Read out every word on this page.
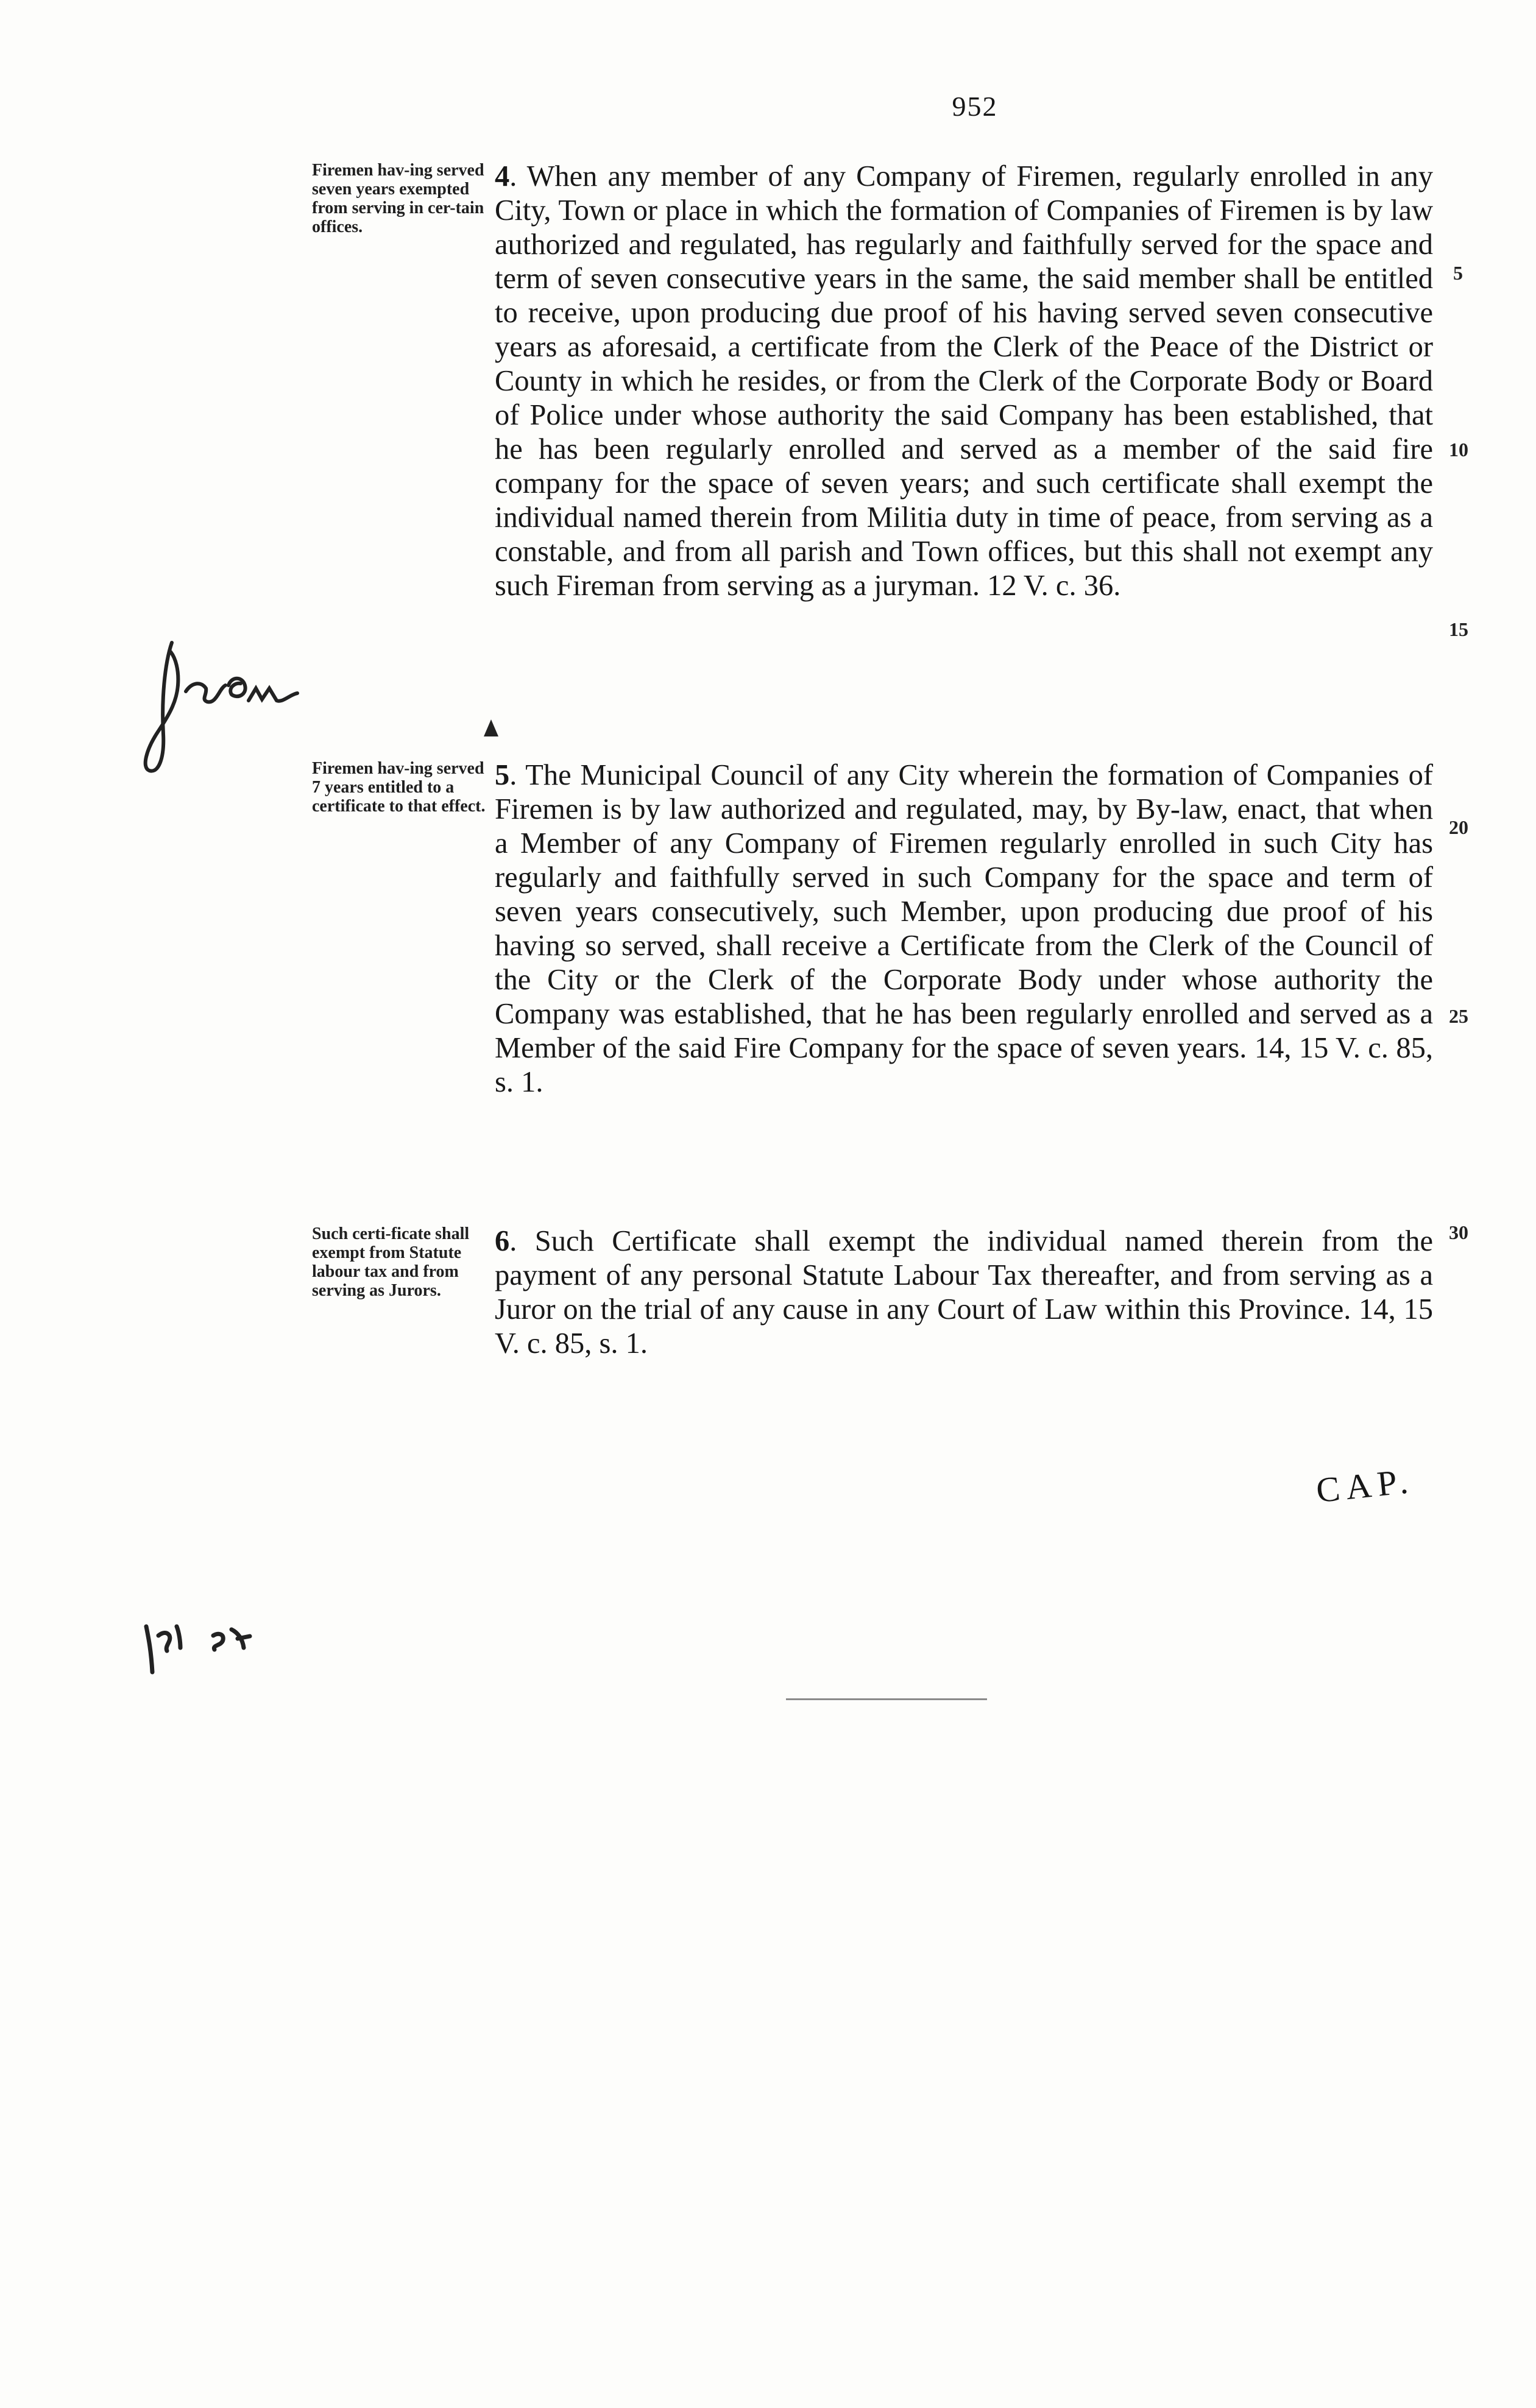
952
Firemen hav-ing served seven years exempted from serving in cer-tain offices.
4. When any member of any Company of Firemen, regularly enrolled in any City, Town or place in which the formation of Companies of Firemen is by law authorized and regulated, has regularly and faithfully served for the space and term of seven consecutive years in the same, the said member shall be entitled to receive, upon producing due proof of his having served seven consecutive years as aforesaid, a certificate from the Clerk of the Peace of the District or County in which he resides, or from the Clerk of the Corporate Body or Board of Police under whose authority the said Company has been established, that he has been regularly enrolled and served as a member of the said fire company for the space of seven years; and such certificate shall exempt the individual named therein from Militia duty in time of peace, from serving as a constable, and from all parish and Town offices, but this shall not exempt any such Fireman from serving as a juryman. 12 V. c. 36.
Firemen hav-ing served 7 years entitled to a certificate to that effect.
5. The Municipal Council of any City wherein the formation of Companies of Firemen is by law authorized and regulated, may, by By-law, enact, that when a Member of any Company of Firemen regularly enrolled in such City has regularly and faithfully served in such Company for the space and term of seven years consecutively, such Member, upon producing due proof of his having so served, shall receive a Certificate from the Clerk of the Council of the City or the Clerk of the Corporate Body under whose authority the Company was established, that he has been regularly enrolled and served as a Member of the said Fire Company for the space of seven years. 14, 15 V. c. 85, s. 1.
Such certi-ficate shall exempt from Statute labour tax and from serving as Jurors.
6. Such Certificate shall exempt the individual named therein from the payment of any personal Statute Labour Tax thereafter, and from serving as a Juror on the trial of any cause in any Court of Law within this Province. 14, 15 V. c. 85, s. 1.
5
10
15
20
25
30
CAP.
